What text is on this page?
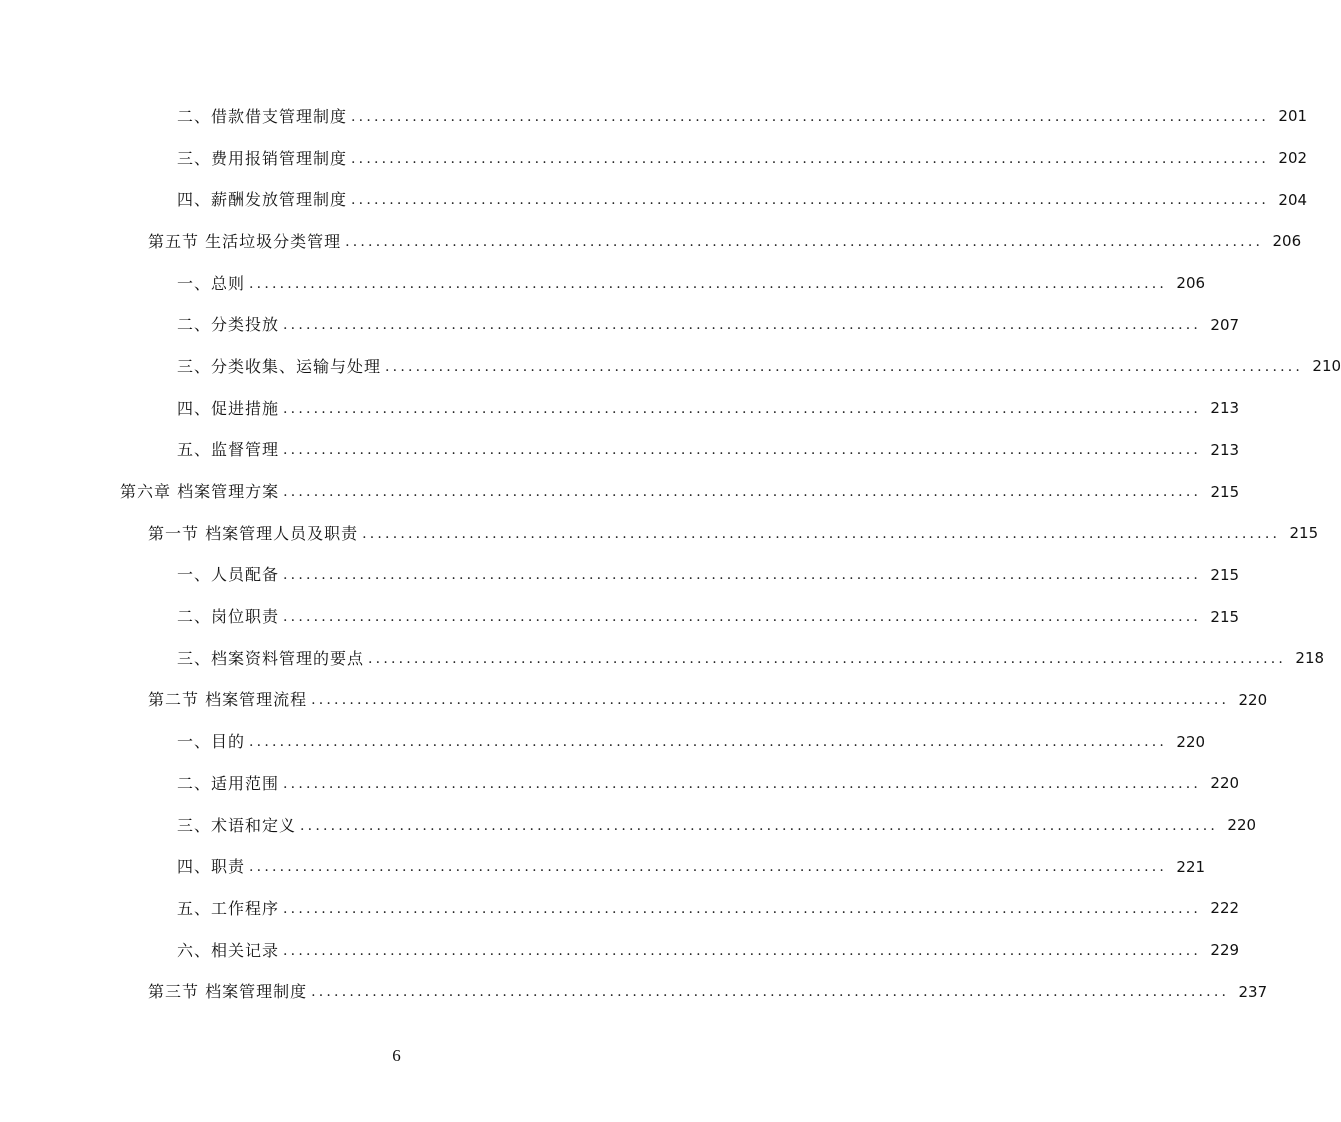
二、借款借支管理制度 ........................................................................................................................ 201
三、费用报销管理制度 ........................................................................................................................ 202
四、薪酬发放管理制度 ........................................................................................................................ 204
第五节 生活垃圾分类管理 ........................................................................................................................ 206
一、总则 ........................................................................................................................ 206
二、分类投放 ........................................................................................................................ 207
三、分类收集、运输与处理 ........................................................................................................................ 210
四、促进措施 ........................................................................................................................ 213
五、监督管理 ........................................................................................................................ 213
第六章 档案管理方案 ........................................................................................................................ 215
第一节 档案管理人员及职责 ........................................................................................................................ 215
一、人员配备 ........................................................................................................................ 215
二、岗位职责 ........................................................................................................................ 215
三、档案资料管理的要点 ........................................................................................................................ 218
第二节 档案管理流程 ........................................................................................................................ 220
一、目的 ........................................................................................................................ 220
二、适用范围 ........................................................................................................................ 220
三、术语和定义 ........................................................................................................................ 220
四、职责 ........................................................................................................................ 221
五、工作程序 ........................................................................................................................ 222
六、相关记录 ........................................................................................................................ 229
第三节 档案管理制度 ........................................................................................................................ 237
6
